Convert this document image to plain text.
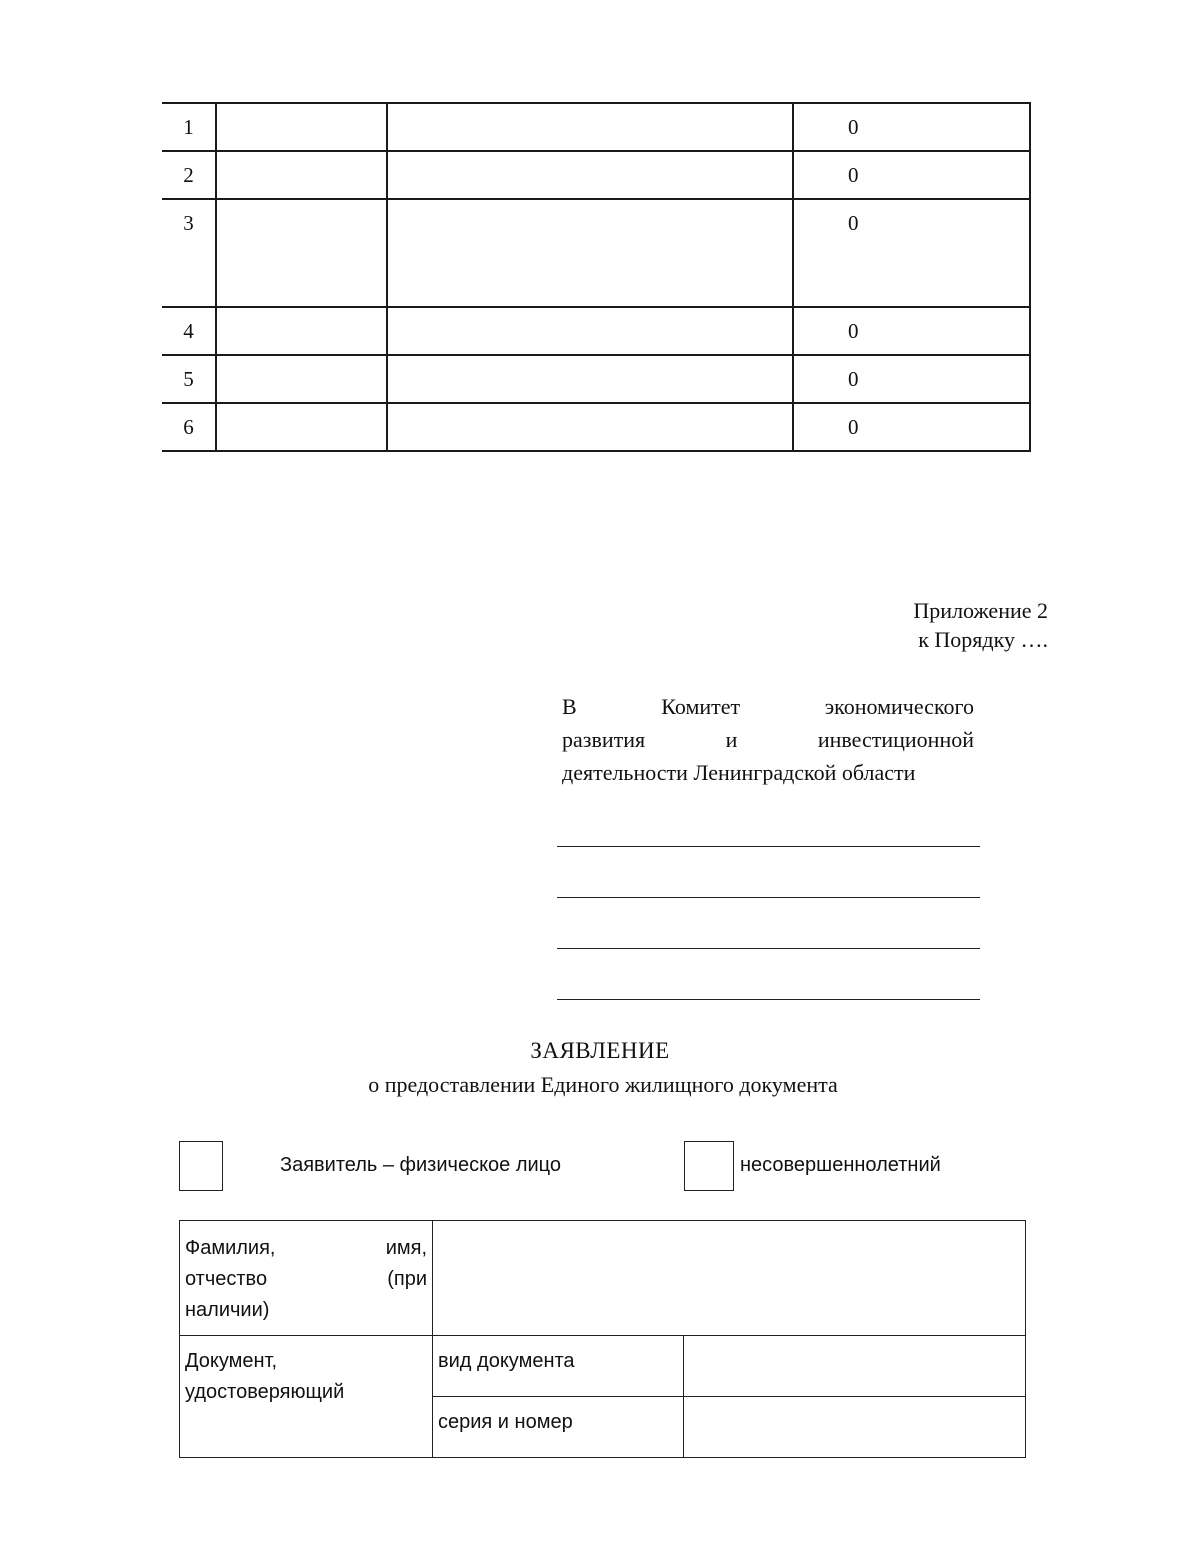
1			0
2			0
3			0
4			0
5			0
6			0
Приложение 2
к Порядку ….
В Комитет экономического
развития и инвестиционной
деятельности Ленинградской области
ЗАЯВЛЕНИЕ
о предоставлении Единого жилищного документа
Заявитель – физическое лицо	несовершеннолетний
Фамилия, имя,
отчество (при
наличии)		

Документ,
удостоверяющий	вид документа	
	серия и номер	
